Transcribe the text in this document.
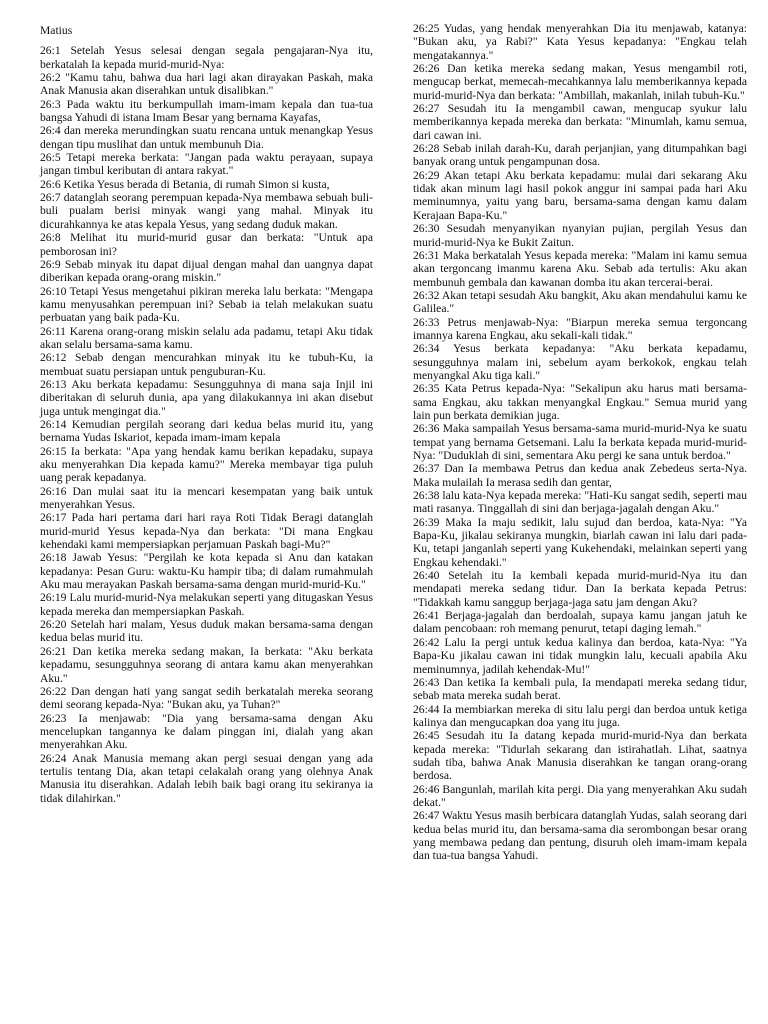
Matius

26:1 Setelah Yesus selesai dengan segala pengajaran-Nya itu, berkatalah Ia kepada murid-murid-Nya:

26:2 "Kamu tahu, bahwa dua hari lagi akan dirayakan Paskah, maka Anak Manusia akan diserahkan untuk disalibkan."

26:3 Pada waktu itu berkumpullah imam-imam kepala dan tua-tua bangsa Yahudi di istana Imam Besar yang bernama Kayafas,

26:4 dan mereka merundingkan suatu rencana untuk menangkap Yesus dengan tipu muslihat dan untuk membunuh Dia.

26:5 Tetapi mereka berkata: "Jangan pada waktu perayaan, supaya jangan timbul keributan di antara rakyat."

26:6 Ketika Yesus berada di Betania, di rumah Simon si kusta,

26:7 datanglah seorang perempuan kepada-Nya membawa sebuah buli-buli pualam berisi minyak wangi yang mahal. Minyak itu dicurahkannya ke atas kepala Yesus, yang sedang duduk makan.

26:8 Melihat itu murid-murid gusar dan berkata: "Untuk apa pemborosan ini?

26:9 Sebab minyak itu dapat dijual dengan mahal dan uangnya dapat diberikan kepada orang-orang miskin."

26:10 Tetapi Yesus mengetahui pikiran mereka lalu berkata: "Mengapa kamu menyusahkan perempuan ini? Sebab ia telah melakukan suatu perbuatan yang baik pada-Ku.

26:11 Karena orang-orang miskin selalu ada padamu, tetapi Aku tidak akan selalu bersama-sama kamu.

26:12 Sebab dengan mencurahkan minyak itu ke tubuh-Ku, ia membuat suatu persiapan untuk penguburan-Ku.

26:13 Aku berkata kepadamu: Sesungguhnya di mana saja Injil ini diberitakan di seluruh dunia, apa yang dilakukannya ini akan disebut juga untuk mengingat dia."

26:14 Kemudian pergilah seorang dari kedua belas murid itu, yang bernama Yudas Iskariot, kepada imam-imam kepala

26:15 Ia berkata: "Apa yang hendak kamu berikan kepadaku, supaya aku menyerahkan Dia kepada kamu?" Mereka membayar tiga puluh uang perak kepadanya.

26:16 Dan mulai saat itu ia mencari kesempatan yang baik untuk menyerahkan Yesus.

26:17 Pada hari pertama dari hari raya Roti Tidak Beragi datanglah murid-murid Yesus kepada-Nya dan berkata: "Di mana Engkau kehendaki kami mempersiapkan perjamuan Paskah bagi-Mu?"

26:18 Jawab Yesus: "Pergilah ke kota kepada si Anu dan katakan kepadanya: Pesan Guru: waktu-Ku hampir tiba; di dalam rumahmulah Aku mau merayakan Paskah bersama-sama dengan murid-murid-Ku."

26:19 Lalu murid-murid-Nya melakukan seperti yang ditugaskan Yesus kepada mereka dan mempersiapkan Paskah.

26:20 Setelah hari malam, Yesus duduk makan bersama-sama dengan kedua belas murid itu.

26:21 Dan ketika mereka sedang makan, Ia berkata: "Aku berkata kepadamu, sesungguhnya seorang di antara kamu akan menyerahkan Aku."

26:22 Dan dengan hati yang sangat sedih berkatalah mereka seorang demi seorang kepada-Nya: "Bukan aku, ya Tuhan?"

26:23 Ia menjawab: "Dia yang bersama-sama dengan Aku mencelupkan tangannya ke dalam pinggan ini, dialah yang akan menyerahkan Aku.

26:24 Anak Manusia memang akan pergi sesuai dengan yang ada tertulis tentang Dia, akan tetapi celakalah orang yang olehnya Anak Manusia itu diserahkan. Adalah lebih baik bagi orang itu sekiranya ia tidak dilahirkan."

26:25 Yudas, yang hendak menyerahkan Dia itu menjawab, katanya: "Bukan aku, ya Rabi?" Kata Yesus kepadanya: "Engkau telah mengatakannya."

26:26 Dan ketika mereka sedang makan, Yesus mengambil roti, mengucap berkat, memecah-mecahkannya lalu memberikannya kepada murid-murid-Nya dan berkata: "Ambillah, makanlah, inilah tubuh-Ku."

26:27 Sesudah itu Ia mengambil cawan, mengucap syukur lalu memberikannya kepada mereka dan berkata: "Minumlah, kamu semua, dari cawan ini.

26:28 Sebab inilah darah-Ku, darah perjanjian, yang ditumpahkan bagi banyak orang untuk pengampunan dosa.

26:29 Akan tetapi Aku berkata kepadamu: mulai dari sekarang Aku tidak akan minum lagi hasil pokok anggur ini sampai pada hari Aku meminumnya, yaitu yang baru, bersama-sama dengan kamu dalam Kerajaan Bapa-Ku."

26:30 Sesudah menyanyikan nyanyian pujian, pergilah Yesus dan murid-murid-Nya ke Bukit Zaitun.

26:31 Maka berkatalah Yesus kepada mereka: "Malam ini kamu semua akan tergoncang imanmu karena Aku. Sebab ada tertulis: Aku akan membunuh gembala dan kawanan domba itu akan tercerai-berai.

26:32 Akan tetapi sesudah Aku bangkit, Aku akan mendahului kamu ke Galilea."

26:33 Petrus menjawab-Nya: "Biarpun mereka semua tergoncang imannya karena Engkau, aku sekali-kali tidak."

26:34 Yesus berkata kepadanya: "Aku berkata kepadamu, sesungguhnya malam ini, sebelum ayam berkokok, engkau telah menyangkal Aku tiga kali."

26:35 Kata Petrus kepada-Nya: "Sekalipun aku harus mati bersama-sama Engkau, aku takkan menyangkal Engkau." Semua murid yang lain pun berkata demikian juga.

26:36 Maka sampailah Yesus bersama-sama murid-murid-Nya ke suatu tempat yang bernama Getsemani. Lalu Ia berkata kepada murid-murid-Nya: "Duduklah di sini, sementara Aku pergi ke sana untuk berdoa."

26:37 Dan Ia membawa Petrus dan kedua anak Zebedeus serta-Nya. Maka mulailah Ia merasa sedih dan gentar,

26:38 lalu kata-Nya kepada mereka: "Hati-Ku sangat sedih, seperti mau mati rasanya. Tinggallah di sini dan berjaga-jagalah dengan Aku."

26:39 Maka Ia maju sedikit, lalu sujud dan berdoa, kata-Nya: "Ya Bapa-Ku, jikalau sekiranya mungkin, biarlah cawan ini lalu dari pada-Ku, tetapi janganlah seperti yang Kukehendaki, melainkan seperti yang Engkau kehendaki."

26:40 Setelah itu Ia kembali kepada murid-murid-Nya itu dan mendapati mereka sedang tidur. Dan Ia berkata kepada Petrus: "Tidakkah kamu sanggup berjaga-jaga satu jam dengan Aku?

26:41 Berjaga-jagalah dan berdoalah, supaya kamu jangan jatuh ke dalam pencobaan: roh memang penurut, tetapi daging lemah."

26:42 Lalu Ia pergi untuk kedua kalinya dan berdoa, kata-Nya: "Ya Bapa-Ku jikalau cawan ini tidak mungkin lalu, kecuali apabila Aku meminumnya, jadilah kehendak-Mu!"

26:43 Dan ketika Ia kembali pula, Ia mendapati mereka sedang tidur, sebab mata mereka sudah berat.

26:44 Ia membiarkan mereka di situ lalu pergi dan berdoa untuk ketiga kalinya dan mengucapkan doa yang itu juga.

26:45 Sesudah itu Ia datang kepada murid-murid-Nya dan berkata kepada mereka: "Tidurlah sekarang dan istirahatlah. Lihat, saatnya sudah tiba, bahwa Anak Manusia diserahkan ke tangan orang-orang berdosa.

26:46 Bangunlah, marilah kita pergi. Dia yang menyerahkan Aku sudah dekat."

26:47 Waktu Yesus masih berbicara datanglah Yudas, salah seorang dari kedua belas murid itu, dan bersama-sama dia serombongan besar orang yang membawa pedang dan pentung, disuruh oleh imam-imam kepala dan tua-tua bangsa Yahudi.
